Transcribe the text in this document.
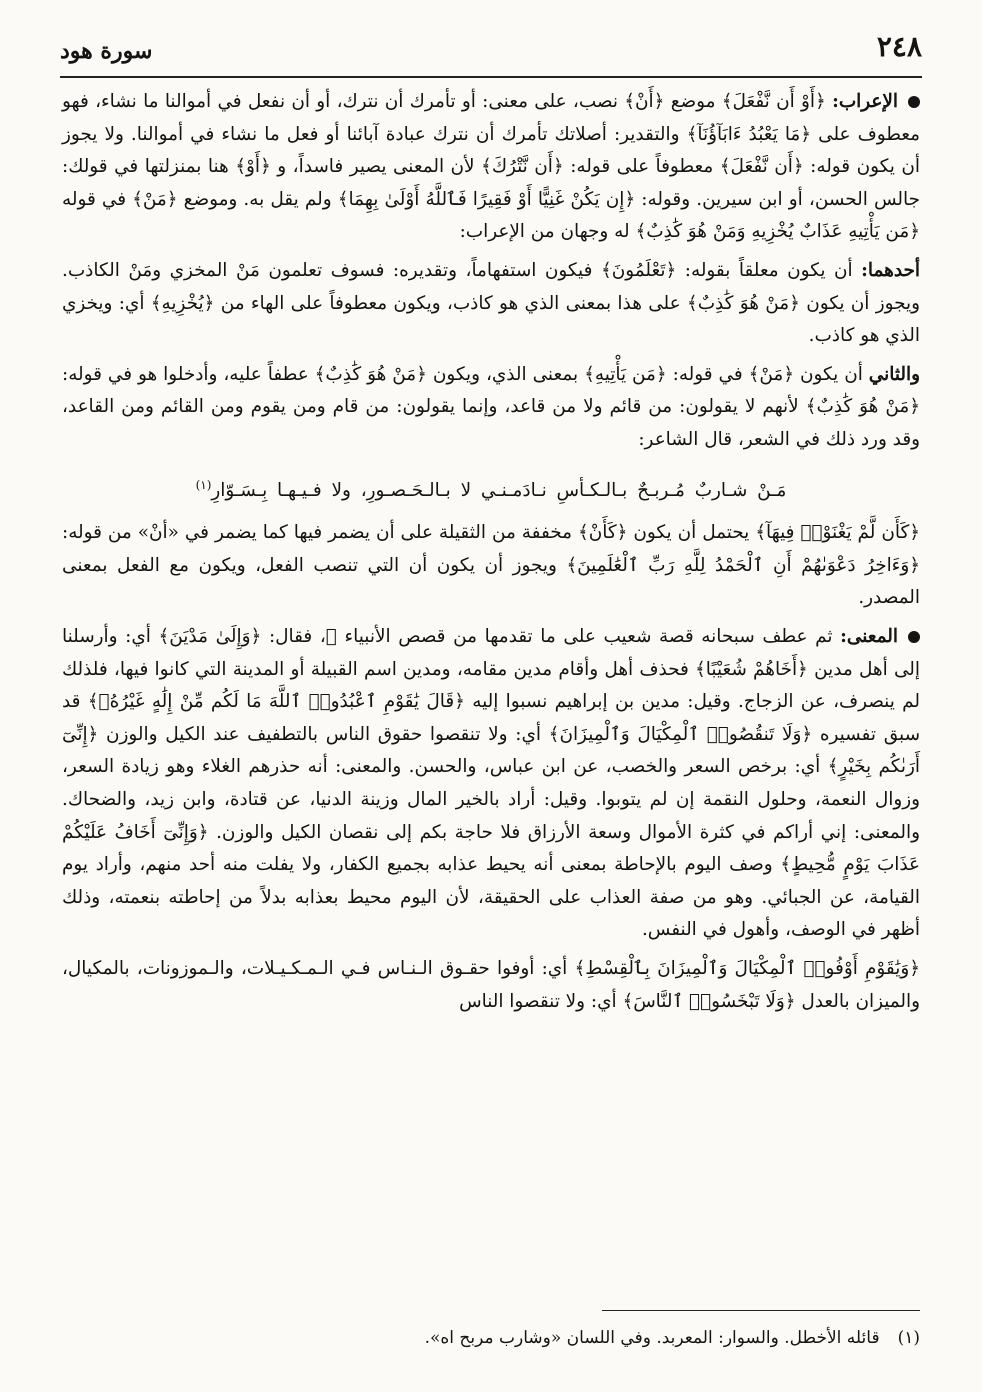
٢٤٨
سورة هود

الإعراب: ﴿أَوْ أَن نَّفْعَلَ﴾ موضع ﴿أَنْ﴾ نصب، على معنى: أو تأمرك أن نترك، أو أن نفعل في أموالنا ما نشاء، فهو معطوف على ﴿مَا يَعْبُدُ ءَابَآؤُنَآ﴾ والتقدير: أصلاتك تأمرك أن نترك عبادة آبائنا أو فعل ما نشاء في أموالنا. ولا يجوز أن يكون قوله: ﴿أَن نَّفْعَلَ﴾ معطوفاً على قوله: ﴿أَن نَّتْرُكَ﴾ لأن المعنى يصير فاسداً، و ﴿أَوْ﴾ هنا بمنزلتها في قولك: جالس الحسن، أو ابن سيرين. وقوله: ﴿إِن يَكُنْ غَنِيًّا أَوْ فَقِيرًا فَٱللَّهُ أَوْلَىٰ بِهِمَا﴾ ولم يقل به. وموضع ﴿مَنْ﴾ في قوله ﴿مَن يَأْتِيهِ عَذَابٌ يُخْزِيهِ وَمَنْ هُوَ كَٰذِبٌ﴾ له وجهان من الإعراب:

أحدهما: أن يكون معلقاً بقوله: ﴿تَعْلَمُونَ﴾ فيكون استفهاماً، وتقديره: فسوف تعلمون مَنْ المخزي ومَنْ الكاذب. ويجوز أن يكون ﴿مَنْ هُوَ كَٰذِبٌ﴾ على هذا بمعنى الذي هو كاذب، ويكون معطوفاً على الهاء من ﴿يُخْزِيهِ﴾ أي: ويخزي الذي هو كاذب.

والثاني أن يكون ﴿مَنْ﴾ في قوله: ﴿مَن يَأْتِيهِ﴾ بمعنى الذي، ويكون ﴿مَنْ هُوَ كَٰذِبٌ﴾ عطفاً عليه، وأدخلوا هو في قوله: ﴿مَنْ هُوَ كَٰذِبٌ﴾ لأنهم لا يقولون: من قائم ولا من قاعد، وإنما يقولون: من قام ومن يقوم ومن القائم ومن القاعد، وقد ورد ذلك في الشعر، قال الشاعر:

مَـنْ شـاربٌ مُـربـحٌ بـالـكـأسِ نـادَمـنـي لا بـالـحَـصـورِ، ولا فـيـهـا بِـسَـوّارِ$^{(١)}$

﴿كَأَن لَّمْ يَغْنَوْا۟ فِيهَآ﴾ يحتمل أن يكون ﴿كَأَنْ﴾ مخففة من الثقيلة على أن يضمر فيها كما يضمر في «أنْ» من قوله: ﴿وَءَاخِرُ دَعْوَىٰهُمْ أَنِ ٱلْحَمْدُ لِلَّهِ رَبِّ ٱلْعَٰلَمِينَ﴾ ويجوز أن يكون أن التي تنصب الفعل، ويكون مع الفعل بمعنى المصدر.

المعنى: ثم عطف سبحانه قصة شعيب على ما تقدمها من قصص الأنبياء ﷺ، فقال: ﴿وَإِلَىٰ مَدْيَنَ﴾ أي: وأرسلنا إلى أهل مدين ﴿أَخَاهُمْ شُعَيْبًا﴾ فحذف أهل وأقام مدين مقامه، ومدين اسم القبيلة أو المدينة التي كانوا فيها، فلذلك لم ينصرف، عن الزجاج. وقيل: مدين بن إبراهيم نسبوا إليه ﴿قَالَ يَٰقَوْمِ ٱعْبُدُوا۟ ٱللَّهَ مَا لَكُم مِّنْ إِلَٰهٍ غَيْرُهُۥ﴾ قد سبق تفسيره ﴿وَلَا تَنقُصُوا۟ ٱلْمِكْيَالَ وَٱلْمِيزَانَ﴾ أي: ولا تنقصوا حقوق الناس بالتطفيف عند الكيل والوزن ﴿إِنِّىٓ أَرَىٰكُم بِخَيْرٍ﴾ أي: برخص السعر والخصب، عن ابن عباس، والحسن. والمعنى: أنه حذرهم الغلاء وهو زيادة السعر، وزوال النعمة، وحلول النقمة إن لم يتوبوا. وقيل: أراد بالخير المال وزينة الدنيا، عن قتادة، وابن زيد، والضحاك. والمعنى: إني أراكم في كثرة الأموال وسعة الأرزاق فلا حاجة بكم إلى نقصان الكيل والوزن. ﴿وَإِنِّىٓ أَخَافُ عَلَيْكُمْ عَذَابَ يَوْمٍ مُّحِيطٍ﴾ وصف اليوم بالإحاطة بمعنى أنه يحيط عذابه بجميع الكفار، ولا يفلت منه أحد منهم، وأراد يوم القيامة، عن الجبائي. وهو من صفة العذاب على الحقيقة، لأن اليوم محيط بعذابه بدلاً من إحاطته بنعمته، وذلك أظهر في الوصف، وأهول في النفس.

﴿وَيَٰقَوْمِ أَوْفُوا۟ ٱلْمِكْيَالَ وَٱلْمِيزَانَ بِٱلْقِسْطِ﴾ أي: أوفوا حقـوق الـنـاس فـي الـمـكـيـلات، والـموزونات، بالمكيال، والميزان بالعدل ﴿وَلَا تَبْخَسُوا۟ ٱلنَّاسَ﴾ أي: ولا تنقصوا الناس

(١)قائله الأخطل. والسوار: المعربد. وفي اللسان «وشارب مربح اه».
